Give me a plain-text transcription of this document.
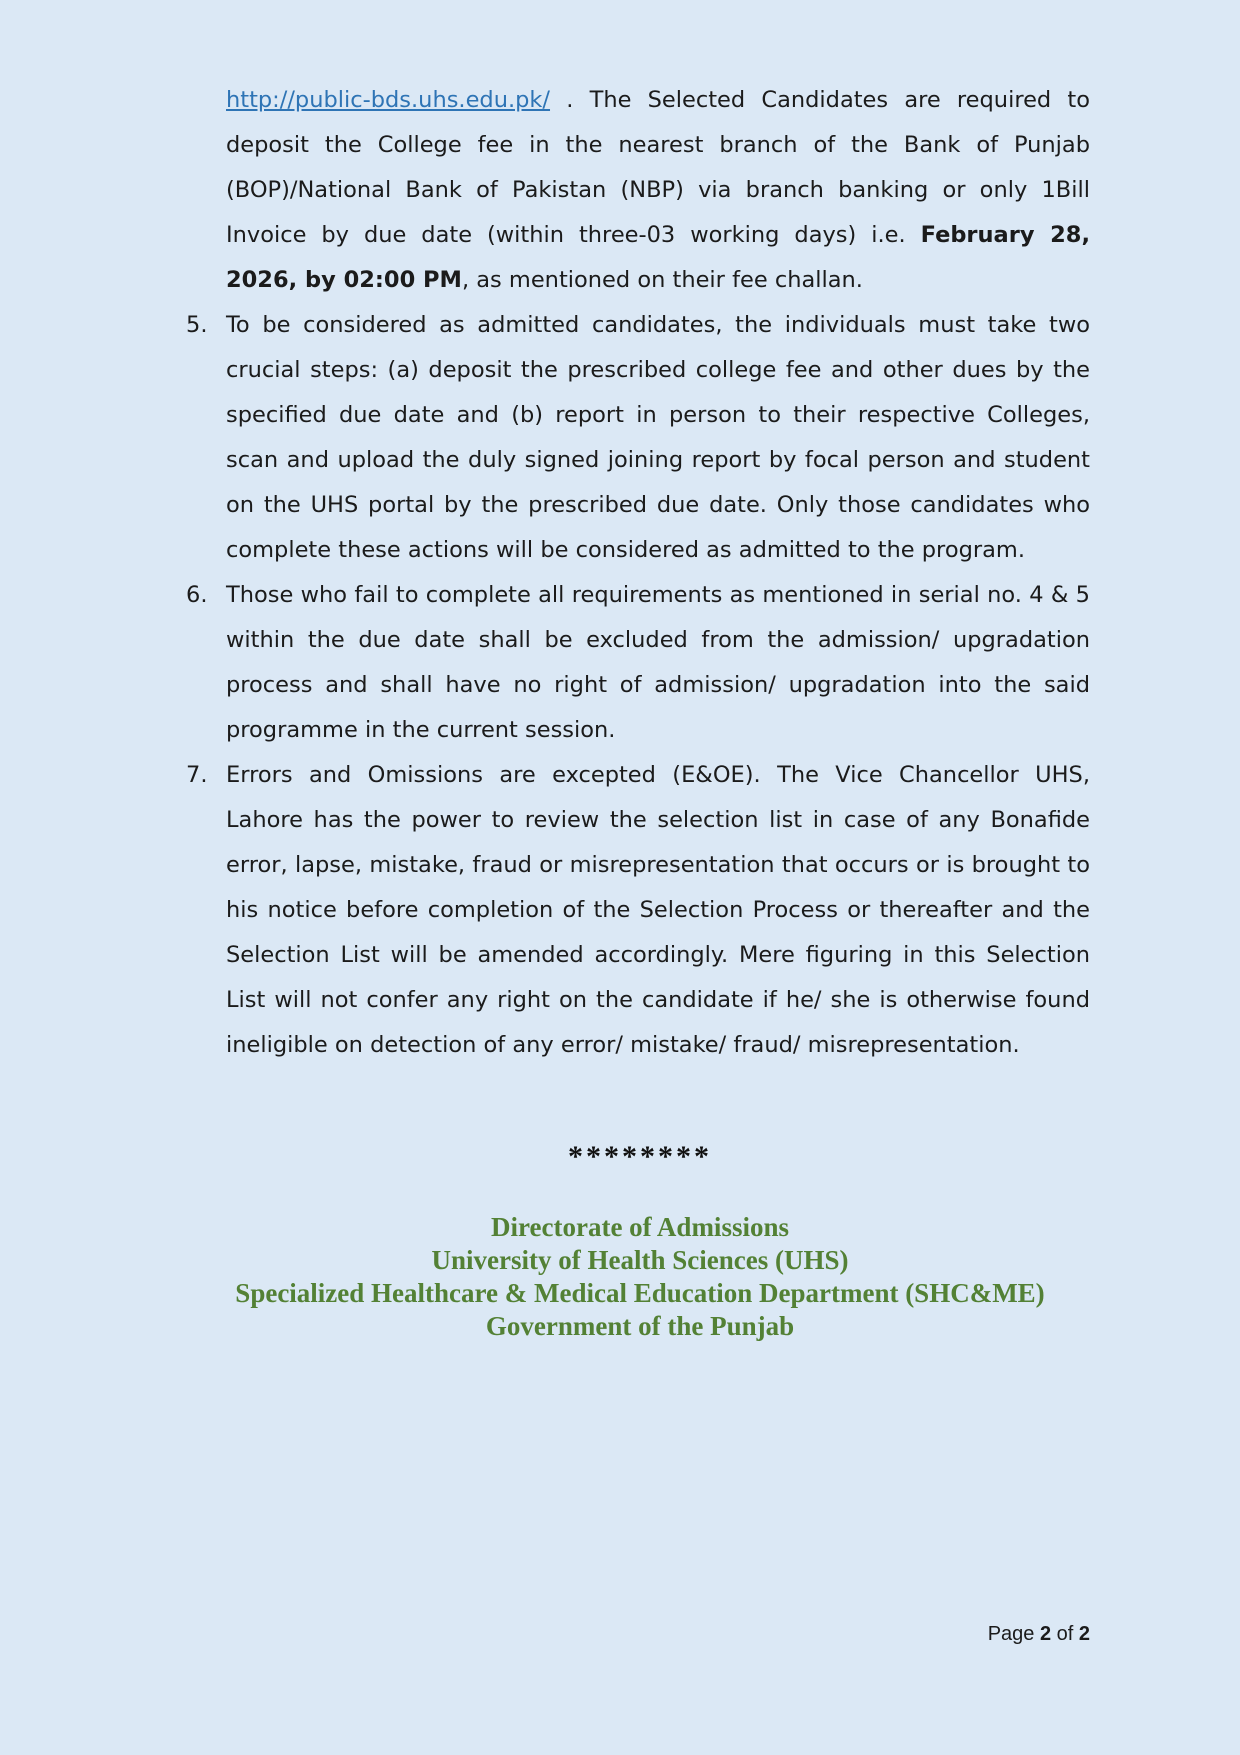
http://public-bds.uhs.edu.pk/ . The Selected Candidates are required to deposit the College fee in the nearest branch of the Bank of Punjab (BOP)/National Bank of Pakistan (NBP) via branch banking or only 1Bill Invoice by due date (within three-03 working days) i.e. February 28, 2026, by 02:00 PM, as mentioned on their fee challan.
5. To be considered as admitted candidates, the individuals must take two crucial steps: (a) deposit the prescribed college fee and other dues by the specified due date and (b) report in person to their respective Colleges, scan and upload the duly signed joining report by focal person and student on the UHS portal by the prescribed due date. Only those candidates who complete these actions will be considered as admitted to the program.
6. Those who fail to complete all requirements as mentioned in serial no. 4 & 5 within the due date shall be excluded from the admission/ upgradation process and shall have no right of admission/ upgradation into the said programme in the current session.
7. Errors and Omissions are excepted (E&OE). The Vice Chancellor UHS, Lahore has the power to review the selection list in case of any Bonafide error, lapse, mistake, fraud or misrepresentation that occurs or is brought to his notice before completion of the Selection Process or thereafter and the Selection List will be amended accordingly. Mere figuring in this Selection List will not confer any right on the candidate if he/ she is otherwise found ineligible on detection of any error/ mistake/ fraud/ misrepresentation.
********
Directorate of Admissions
University of Health Sciences (UHS)
Specialized Healthcare & Medical Education Department (SHC&ME)
Government of the Punjab
Page 2 of 2
